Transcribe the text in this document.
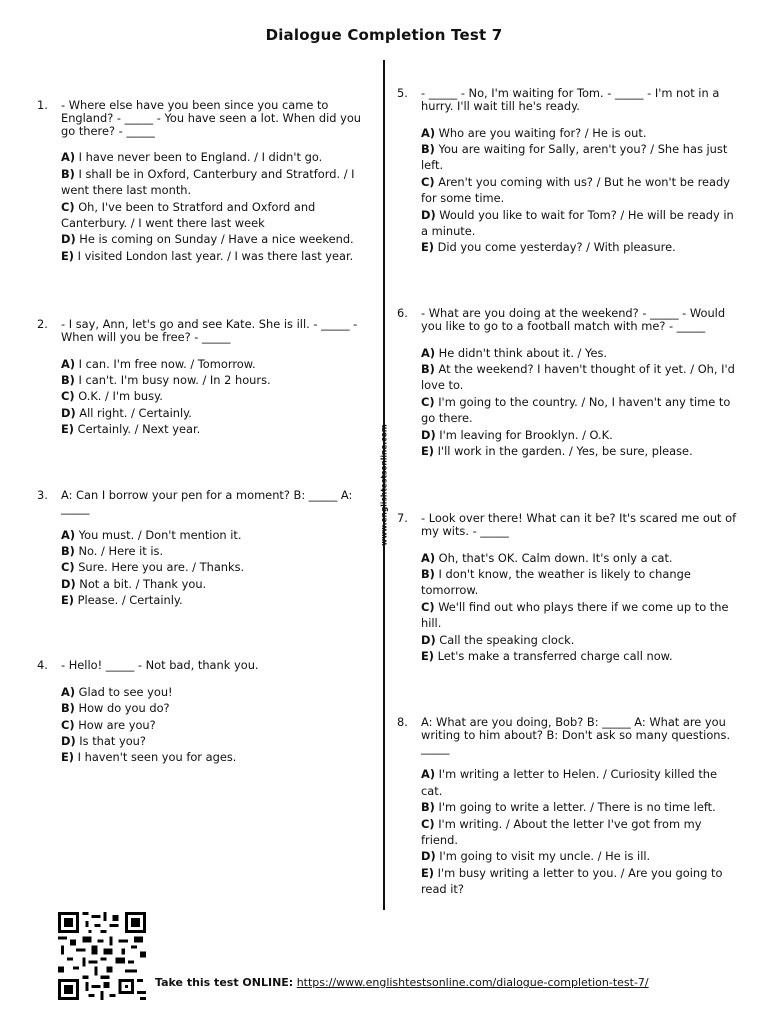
Dialogue Completion Test 7
www.englishtestsonline.com
1. - Where else have you been since you came to England? - _____ - You have seen a lot. When did you go there? - _____

A) I have never been to England. / I didn't go.

B) I shall be in Oxford, Canterbury and Stratford. / I went there last month.

C) Oh, I've been to Stratford and Oxford and Canterbury. / I went there last week

D) He is coming on Sunday / Have a nice weekend.

E) I visited London last year. / I was there last year.

2. - I say, Ann, let's go and see Kate. She is ill. - _____ - When will you be free? - _____

A) I can. I'm free now. / Tomorrow.

B) I can't. I'm busy now. / In 2 hours.

C) O.K. / I'm busy.

D) All right. / Certainly.

E) Certainly. / Next year.

3. A: Can I borrow your pen for a moment? B: _____ A: _____

A) You must. / Don't mention it.

B) No. / Here it is.

C) Sure. Here you are. / Thanks.

D) Not a bit. / Thank you.

E) Please. / Certainly.

4. - Hello! _____ - Not bad, thank you.

A) Glad to see you!

B) How do you do?

C) How are you?

D) Is that you?

E) I haven't seen you for ages.

5. - _____ - No, I'm waiting for Tom. - _____ - I'm not in a hurry. I'll wait till he's ready.

A) Who are you waiting for? / He is out.

B) You are waiting for Sally, aren't you? / She has just left.

C) Aren't you coming with us? / But he won't be ready for some time.

D) Would you like to wait for Tom? / He will be ready in a minute.

E) Did you come yesterday? / With pleasure.

6. - What are you doing at the weekend? - _____ - Would you like to go to a football match with me? - _____

A) He didn't think about it. / Yes.

B) At the weekend? I haven't thought of it yet. / Oh, I'd love to.

C) I'm going to the country. / No, I haven't any time to go there.

D) I'm leaving for Brooklyn. / O.K.

E) I'll work in the garden. / Yes, be sure, please.

7. - Look over there! What can it be? It's scared me out of my wits. - _____

A) Oh, that's OK. Calm down. It's only a cat.

B) I don't know, the weather is likely to change tomorrow.

C) We'll find out who plays there if we come up to the hill.

D) Call the speaking clock.

E) Let's make a transferred charge call now.

8. A: What are you doing, Bob? B: _____ A: What are you writing to him about? B: Don't ask so many questions. _____

A) I'm writing a letter to Helen. / Curiosity killed the cat.

B) I'm going to write a letter. / There is no time left.

C) I'm writing. / About the letter I've got from my friend.

D) I'm going to visit my uncle. / He is ill.

E) I'm busy writing a letter to you. / Are you going to read it?

Take this test ONLINE: https://www.englishtestsonline.com/dialogue-completion-test-7/
